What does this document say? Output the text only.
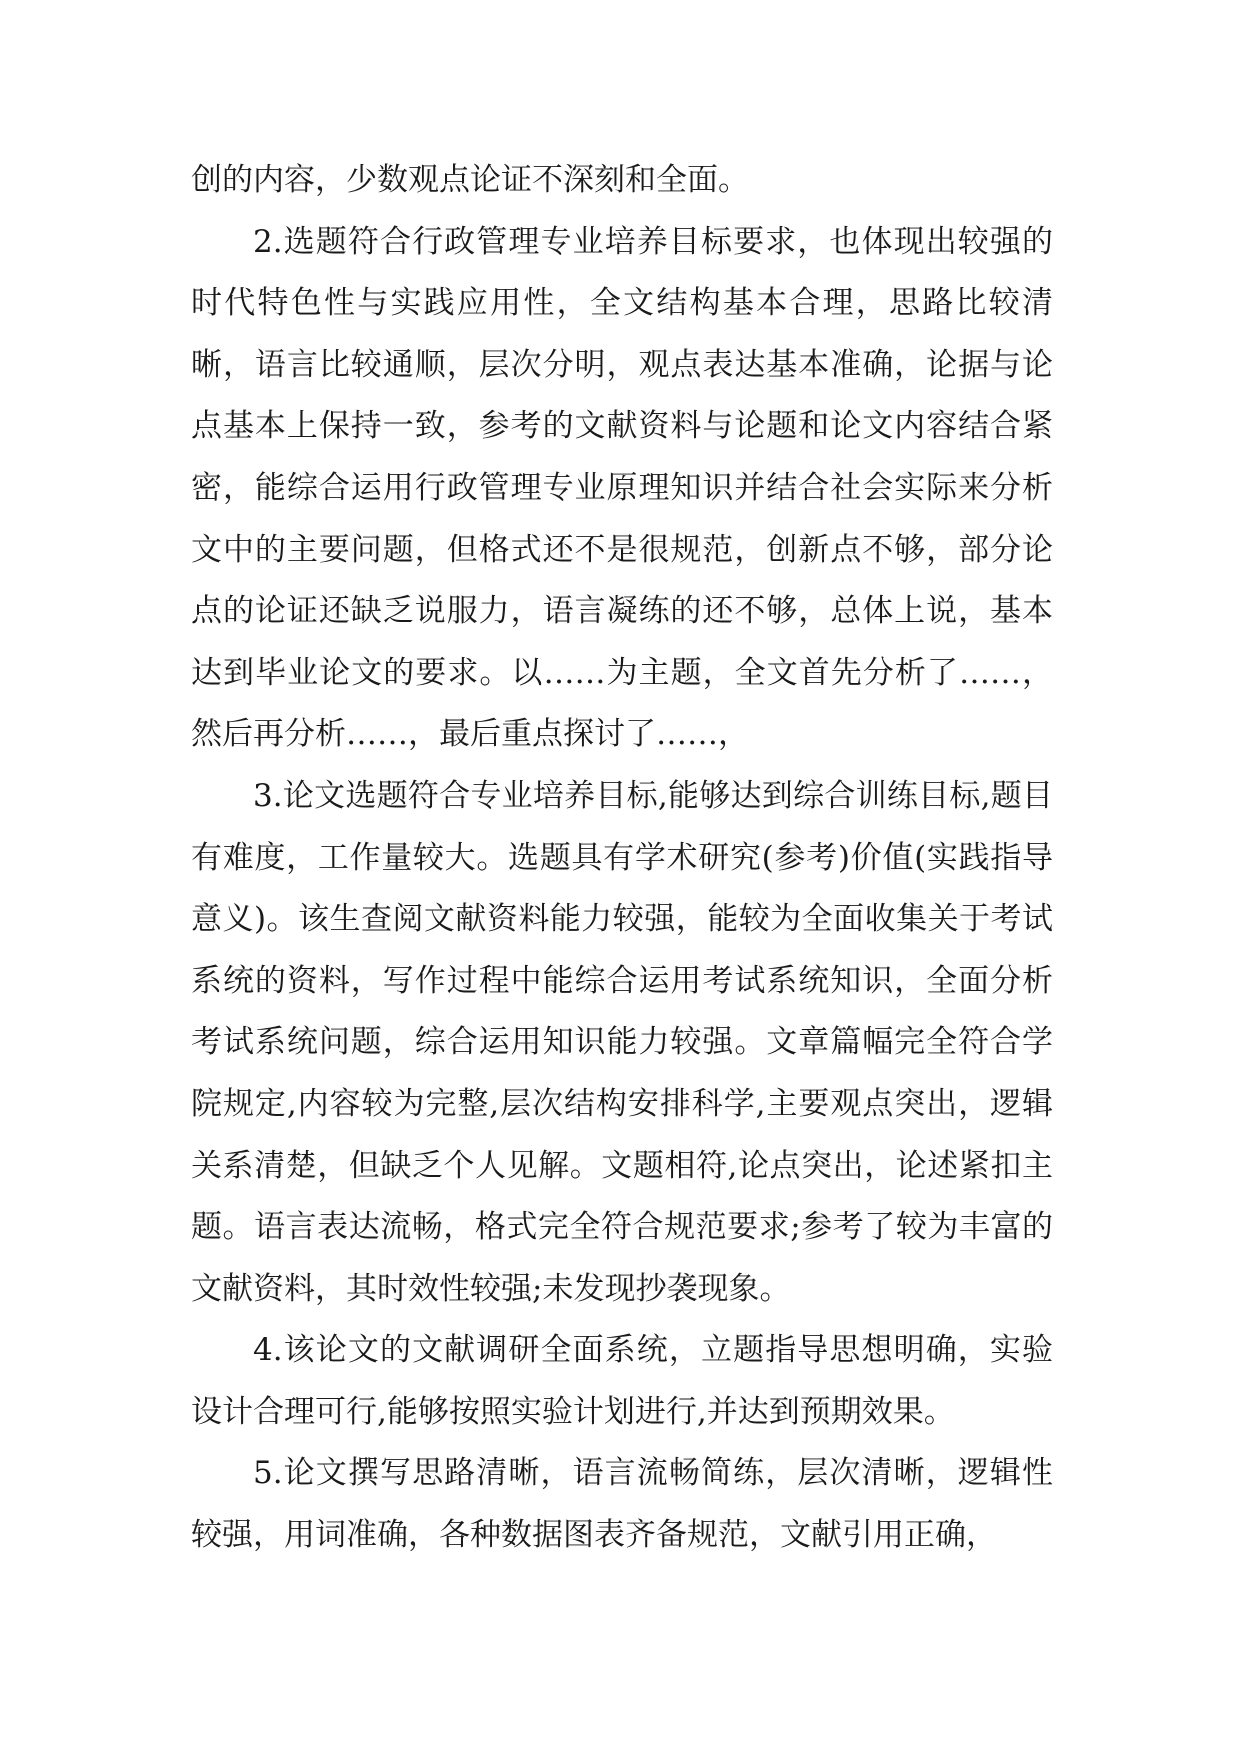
创的内容，少数观点论证不深刻和全面。

2.选题符合行政管理专业培养目标要求，也体现出较强的时代特色性与实践应用性，全文结构基本合理，思路比较清晰，语言比较通顺，层次分明，观点表达基本准确，论据与论点基本上保持一致，参考的文献资料与论题和论文内容结合紧密，能综合运用行政管理专业原理知识并结合社会实际来分析文中的主要问题，但格式还不是很规范，创新点不够，部分论点的论证还缺乏说服力，语言凝练的还不够，总体上说，基本达到毕业论文的要求。以……为主题，全文首先分析了……，然后再分析……，最后重点探讨了……，

3.论文选题符合专业培养目标,能够达到综合训练目标,题目有难度，工作量较大。选题具有学术研究(参考)价值(实践指导意义)。该生查阅文献资料能力较强，能较为全面收集关于考试系统的资料，写作过程中能综合运用考试系统知识，全面分析考试系统问题，综合运用知识能力较强。文章篇幅完全符合学院规定,内容较为完整,层次结构安排科学,主要观点突出，逻辑关系清楚，但缺乏个人见解。文题相符,论点突出，论述紧扣主题。语言表达流畅，格式完全符合规范要求;参考了较为丰富的文献资料，其时效性较强;未发现抄袭现象。

4.该论文的文献调研全面系统，立题指导思想明确，实验设计合理可行,能够按照实验计划进行,并达到预期效果。

5.论文撰写思路清晰，语言流畅简练，层次清晰，逻辑性较强，用词准确，各种数据图表齐备规范，文献引用正确，
